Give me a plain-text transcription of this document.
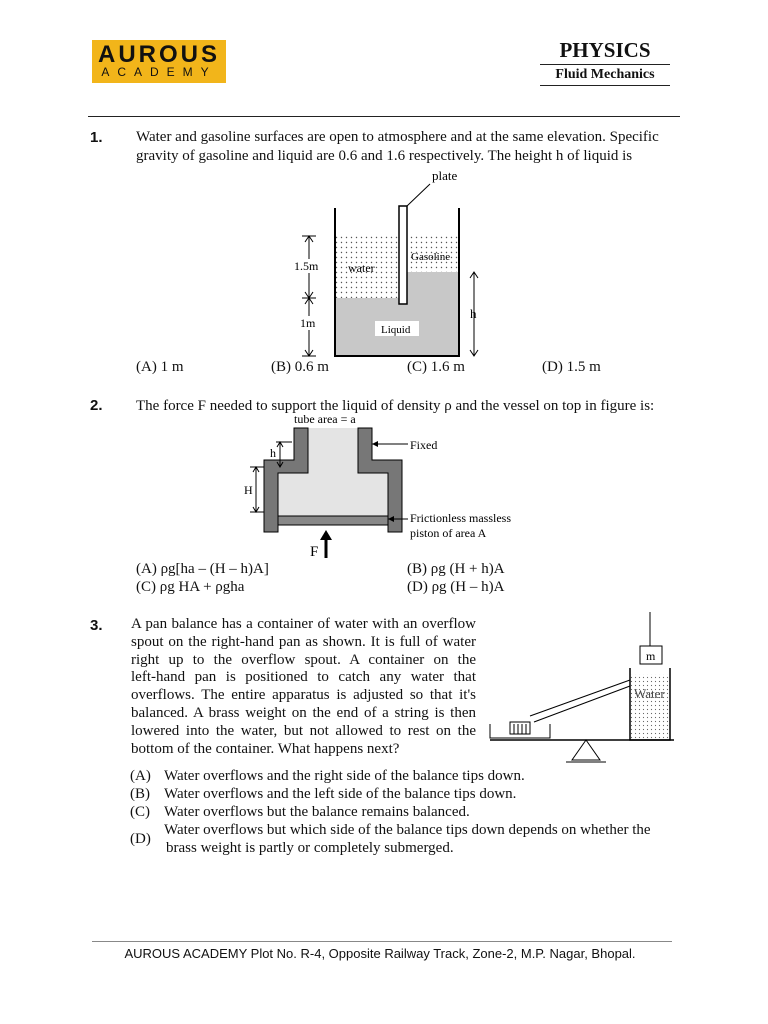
AUROUS
ACADEMY
PHYSICS
Fluid Mechanics
1. Water and gasoline surfaces are open to atmosphere and at the same elevation. Specific
gravity of gasoline and liquid are 0.6 and 1.6 respectively. The height h of liquid is
plate
water
Gasoline
Liquid
1.5m
1m
h
(A) 1 m	(B) 0.6 m	(C) 1.6 m	(D) 1.5 m
2. The force F needed to support the liquid of density ρ and the vessel on top in figure is:
tube area = a
Fixed
Frictionless massless
piston of area A
h
H
F
(A) ρg[ha – (H – h)A]	(B) ρg (H + h)A
(C) ρg HA + ρgha	(D) ρg (H – h)A
3. A pan balance has a container of water with an overflow
spout on the right-hand pan as shown. It is full of water
right up to the overflow spout. A container on the
left-hand pan is positioned to catch any water that
overflows. The entire apparatus is adjusted so that it's
balanced. A brass weight on the end of a string is then
lowered into the water, but not allowed to rest on the
bottom of the container. What happens next?
m
Water
(A) Water overflows and the right side of the balance tips down.
(B) Water overflows and the left side of the balance tips down.
(C) Water overflows but the balance remains balanced.
(D)
Water overflows but which side of the balance tips down depends on whether the
brass weight is partly or completely submerged.
AUROUS ACADEMY Plot No. R-4, Opposite Railway Track, Zone-2, M.P. Nagar, Bhopal.
